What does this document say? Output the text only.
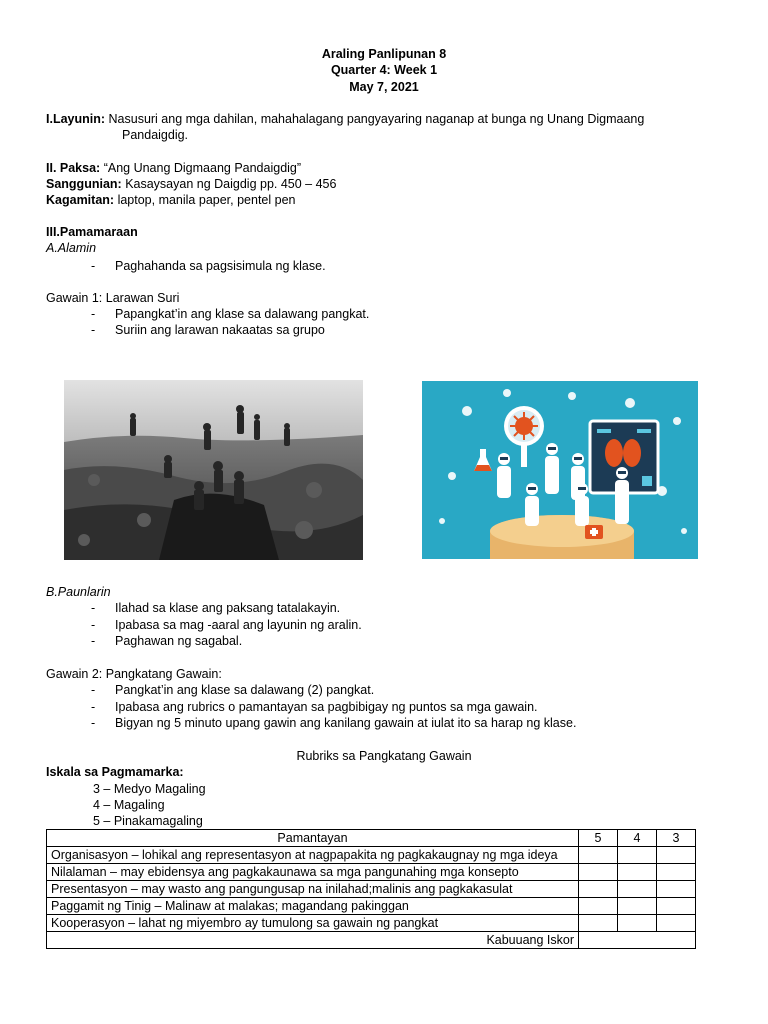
Araling Panlipunan 8
Quarter 4: Week 1
May 7, 2021
I.Layunin: Nasusuri ang mga dahilan, mahahalagang pangyayaring naganap at bunga ng Unang Digmaang
Pandaigdig.
II. Paksa: “Ang Unang Digmaang Pandaigdig”
Sanggunian: Kasaysayan ng Daigdig pp. 450 – 456
Kagamitan: laptop, manila paper, pentel pen
III.Pamamaraan
A.Alamin
- Paghahanda sa pagsisimula ng klase.
Gawain 1: Larawan Suri
- Papangkat’in ang klase sa dalawang pangkat.
- Suriin ang larawan nakaatas sa grupo
B.Paunlarin
- Ilahad sa klase ang paksang tatalakayin.
- Ipabasa sa mag -aaral ang layunin ng aralin.
- Paghawan ng sagabal.
Gawain 2: Pangkatang Gawain:
- Pangkat’in ang klase sa dalawang (2) pangkat.
- Ipabasa ang rubrics o pamantayan sa pagbibigay ng puntos sa mga gawain.
- Bigyan ng 5 minuto upang gawin ang kanilang gawain at iulat ito sa harap ng klase.
Rubriks sa Pangkatang Gawain
Iskala sa Pagmamarka:
3 – Medyo Magaling
4 – Magaling
5 – Pinakamagaling
Pamantayan	5	4	3
Organisasyon – lohikal ang representasyon at nagpapakita ng pagkakaugnay ng mga ideya			
Nilalaman – may ebidensya ang pagkakaunawa sa mga pangunahing mga konsepto			
Presentasyon – may wasto ang pangungusap na inilahad;malinis ang pagkakasulat			
Paggamit ng Tinig – Malinaw at malakas; magandang pakinggan			
Kooperasyon – lahat ng miyembro ay tumulong sa gawain ng pangkat			
Kabuuang Iskor			
